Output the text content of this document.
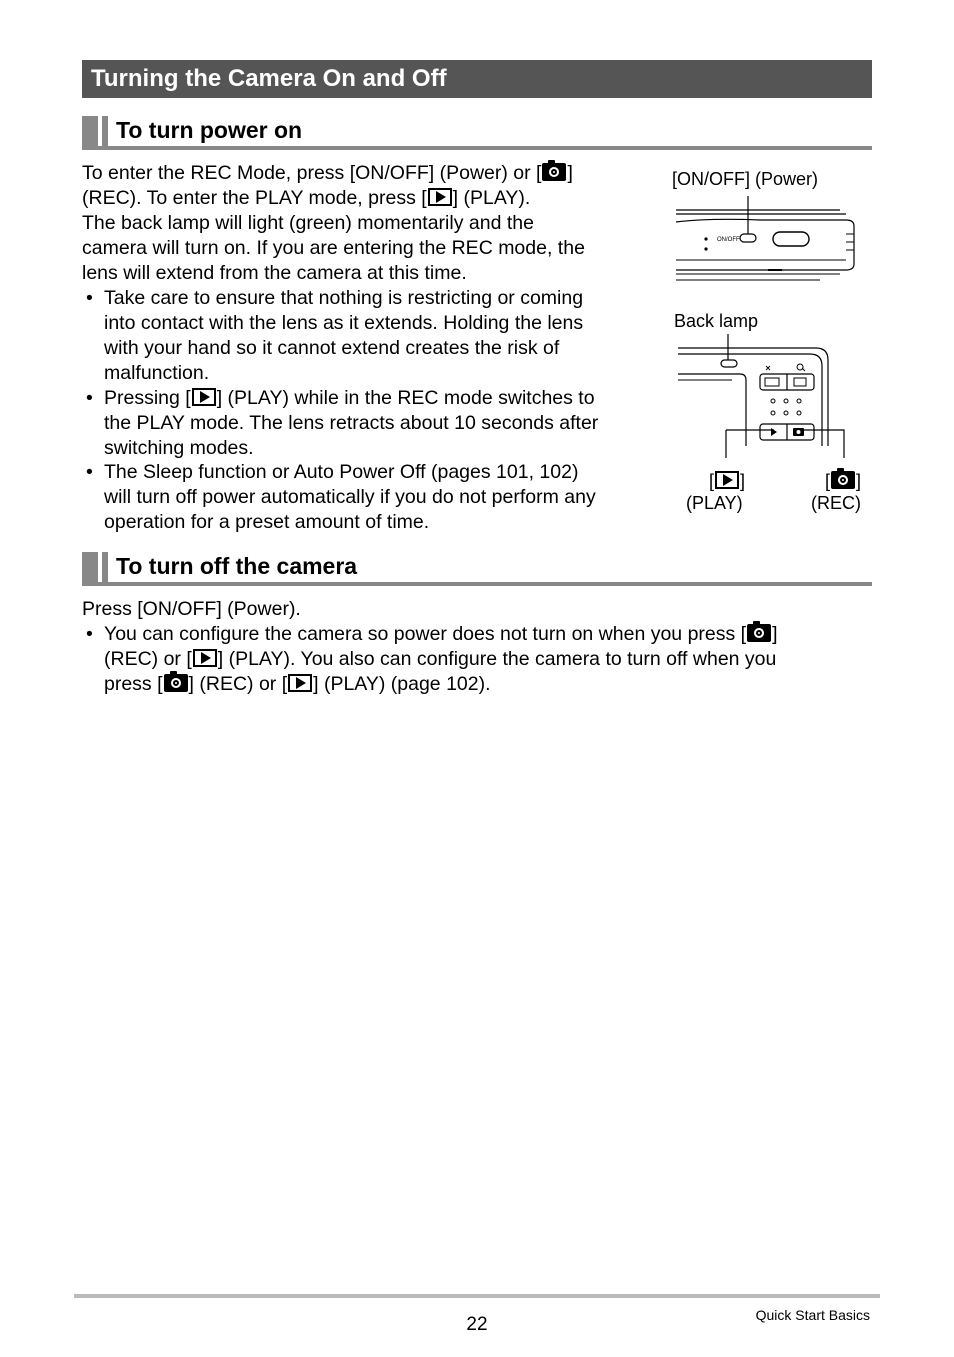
Turning the Camera On and Off
To turn power on
To enter the REC Mode, press [ON/OFF] (Power) or [ ]
(REC). To enter the PLAY mode, press [ ] (PLAY).
The back lamp will light (green) momentarily and the
camera will turn on. If you are entering the REC mode, the
lens will extend from the camera at this time.
• Take care to ensure that nothing is restricting or coming
into contact with the lens as it extends. Holding the lens
with your hand so it cannot extend creates the risk of
malfunction.
• Pressing [ ] (PLAY) while in the REC mode switches to
the PLAY mode. The lens retracts about 10 seconds after
switching modes.
• The Sleep function or Auto Power Off (pages 101, 102)
will turn off power automatically if you do not perform any
operation for a preset amount of time.
[ON/OFF] (Power)
Back lamp
[ ]
(PLAY)
[ ]
(REC)
ON/OFF
To turn off the camera
Press [ON/OFF] (Power).
• You can configure the camera so power does not turn on when you press [ ]
(REC) or [ ] (PLAY). You also can configure the camera to turn off when you
press [ ] (REC) or [ ] (PLAY) (page 102).
22	Quick Start Basics
